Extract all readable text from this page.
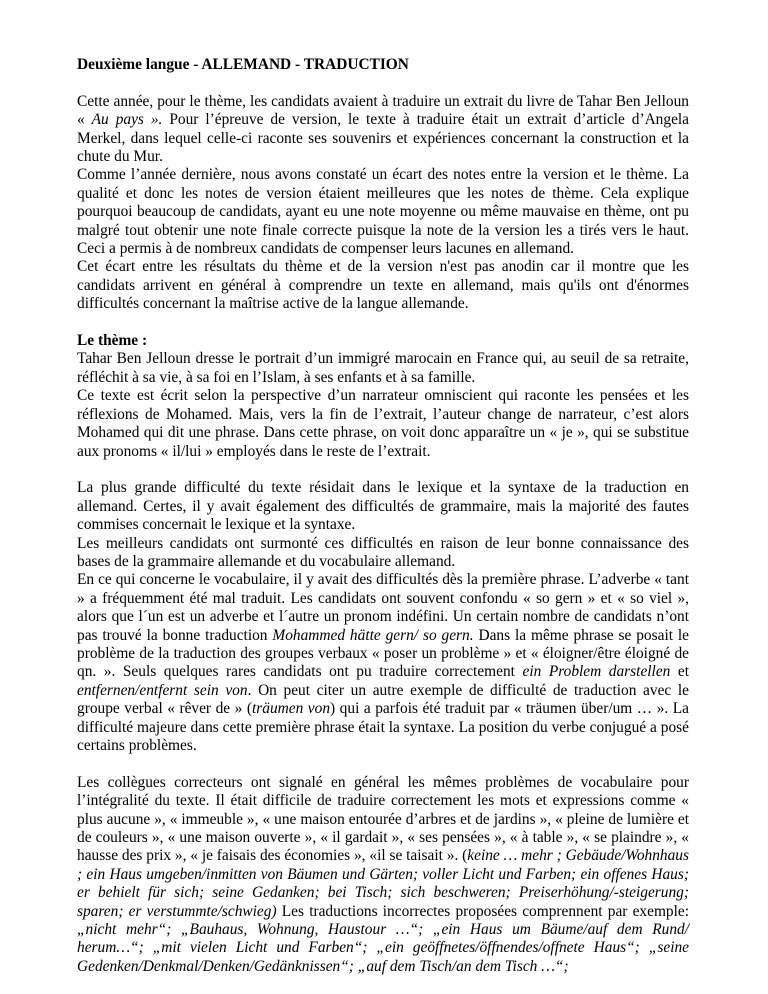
Deuxième langue - ALLEMAND - TRADUCTION

Cette année, pour le thème, les candidats avaient à traduire un extrait du livre de Tahar Ben Jelloun « Au pays ». Pour l’épreuve de version, le texte à traduire était un extrait d’article d’Angela Merkel, dans lequel celle-ci raconte ses souvenirs et expériences concernant la construction et la chute du Mur.

Comme l’année dernière, nous avons constaté un écart des notes entre la version et le thème. La qualité et donc les notes de version étaient meilleures que les notes de thème. Cela explique pourquoi beaucoup de candidats, ayant eu une note moyenne ou même mauvaise en thème, ont pu malgré tout obtenir une note finale correcte puisque la note de la version les a tirés vers le haut. Ceci a permis à de nombreux candidats de compenser leurs lacunes en allemand.

Cet écart entre les résultats du thème et de la version n'est pas anodin car il montre que les candidats arrivent en général à comprendre un texte en allemand, mais qu'ils ont d'énormes difficultés concernant la maîtrise active de la langue allemande.

Le thème :

Tahar Ben Jelloun dresse le portrait d’un immigré marocain en France qui, au seuil de sa retraite, réfléchit à sa vie, à sa foi en l’Islam, à ses enfants et à sa famille.

Ce texte est écrit selon la perspective d’un narrateur omniscient qui raconte les pensées et les réflexions de Mohamed. Mais, vers la fin de l’extrait, l’auteur change de narrateur, c’est alors Mohamed qui dit une phrase. Dans cette phrase, on voit donc apparaître un « je », qui se substitue aux pronoms « il/lui » employés dans le reste de l’extrait.

La plus grande difficulté du texte résidait dans le lexique et la syntaxe de la traduction en allemand. Certes, il y avait également des difficultés de grammaire, mais la majorité des fautes commises concernait le lexique et la syntaxe.

Les meilleurs candidats ont surmonté ces difficultés en raison de leur bonne connaissance des bases de la grammaire allemande et du vocabulaire allemand.

En ce qui concerne le vocabulaire, il y avait des difficultés dès la première phrase. L’adverbe « tant » a fréquemment été mal traduit. Les candidats ont souvent confondu « so gern » et « so viel », alors que l´un est un adverbe et l´autre un pronom indéfini. Un certain nombre de candidats n’ont pas trouvé la bonne traduction Mohammed hätte gern/ so gern. Dans la même phrase se posait le problème de la traduction des groupes verbaux « poser un problème » et « éloigner/être éloigné de qn. ». Seuls quelques rares candidats ont pu traduire correctement ein Problem darstellen et entfernen/entfernt sein von. On peut citer un autre exemple de difficulté de traduction avec le groupe verbal « rêver de » (träumen von) qui a parfois été traduit par « träumen über/um … ». La difficulté majeure dans cette première phrase était la syntaxe. La position du verbe conjugué a posé certains problèmes.

Les collègues correcteurs ont signalé en général les mêmes problèmes de vocabulaire pour l’intégralité du texte. Il était difficile de traduire correctement les mots et expressions comme « plus aucune », « immeuble », « une maison entourée d’arbres et de jardins », « pleine de lumière et de couleurs », « une maison ouverte », « il gardait », « ses pensées », « à table », « se plaindre », « hausse des prix », « je faisais des économies », «il se taisait ». (keine … mehr ; Gebäude/Wohnhaus ; ein Haus umgeben/inmitten von Bäumen und Gärten; voller Licht und Farben; ein offenes Haus; er behielt für sich; seine Gedanken; bei Tisch; sich beschweren; Preiserhöhung/-steigerung; sparen; er verstummte/schwieg) Les traductions incorrectes proposées comprennent par exemple: „nicht mehr“; „Bauhaus, Wohnung, Haustour …“; „ein Haus um Bäume/auf dem Rund/ herum…“; „mit vielen Licht und Farben“; „ein geöffnetes/öffnendes/offnete Haus“; „seine Gedenken/Denkmal/Denken/Gedänknissen“; „auf dem Tisch/an dem Tisch …“;
